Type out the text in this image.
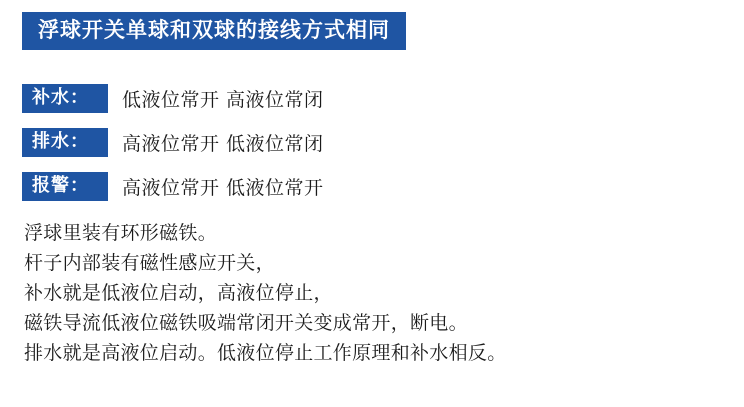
浮球开关单球和双球的接线方式相同
补水：	低液位常开 高液位常闭
排水：	高液位常开 低液位常闭
报警：	高液位常开 低液位常开
浮球里装有环形磁铁。
杆子内部装有磁性感应开关，
补水就是低液位启动，高液位停止，
磁铁导流低液位磁铁吸端常闭开关变成常开，断电。
排水就是高液位启动。低液位停止工作原理和补水相反。
